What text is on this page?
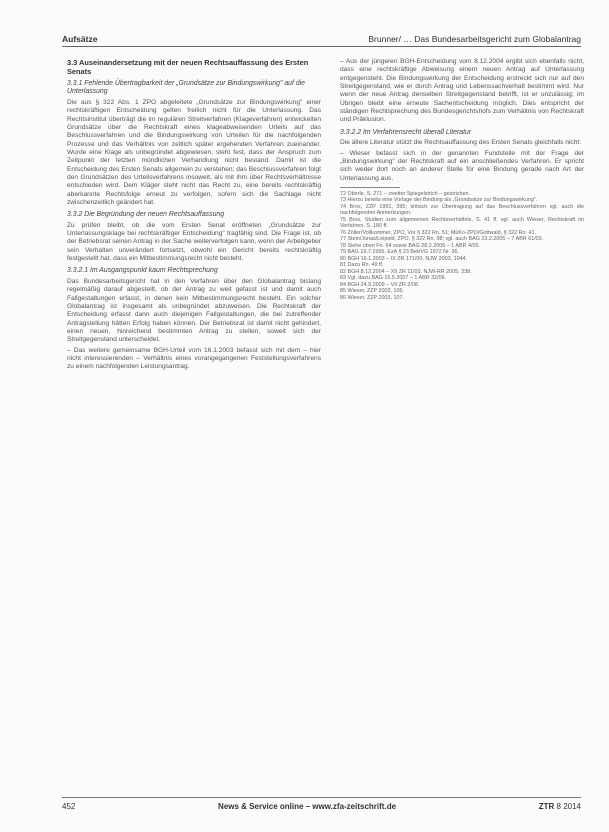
Aufsätze	Brunner/ … Das Bundesarbeitsgericht zum Globalantrag
3.3 Auseinandersetzung mit der neuen Rechtsauffassung des Ersten Senats
3.3.1 Fehlende Übertragbarkeit der „Grundsätze zur Bindungswirkung" auf die Unterlassung

Die aus § 322 Abs. 1 ZPO abgeleitete „Grundsätze zur Bindungswirkung" einer rechtskräftigen Entscheidung gelten freilich nicht für die Unterlassung. Das Rechtsinstitut überträgt die im regulären Streitverfahren (Klageverfahren) entwickelten Grundsätze über die Rechtskraft eines klageabweisenden Urteils auf das Beschlussverfahren und die Bindungswirkung von Urteilen für die nachfolgenden Prozesse und das Verhältnis von zeitlich später ergehenden Verfahren zueinander. Wurde eine Klage als unbegründet abgewiesen, steht fest, dass der Anspruch zum Zeitpunkt der letzten mündlichen Verhandlung nicht bestand. Damit ist die Entscheidung des Ersten Senats allgemein zu verstehen; das Beschlussverfahren folgt den Grundsätzen des Urteilsverfahrens insoweit, als mit ihm über Rechtsverhältnisse entschieden wird. Dem Kläger steht nicht das Recht zu, eine bereits rechtskräftig aberkannte Rechtsfolge erneut zu verfolgen, sofern sich die Sachlage nicht zwischenzeitlich geändert hat.

3.3.2 Die Begründung der neuen Rechtsauffassung

Zu prüfen bleibt, ob die vom Ersten Senat eröffneten „Grundsätze zur Unterlassungsklage bei rechtskräftiger Entscheidung" tragfähig sind. Die Frage ist, ob der Betriebsrat seinen Antrag in der Sache weiterverfolgen kann, wenn der Arbeitgeber sein Verhalten unverändert fortsetzt, obwohl ein Gericht bereits rechtskräftig festgestellt hat, dass ein Mitbestimmungsrecht nicht besteht.

3.3.2.1 Im Ausgangspunkt kaum Rechtsprechung

Das Bundesarbeitsgericht hat in den Verfahren über den Globalantrag bislang regelmäßig darauf abgestellt, ob der Antrag zu weit gefasst ist und damit auch Fallgestaltungen erfasst, in denen kein Mitbestimmungsrecht besteht. Ein solcher Globalantrag ist insgesamt als unbegründet abzuweisen. Die Rechtskraft der Entscheidung erfasst dann auch diejenigen Fallgestaltungen, die bei zutreffender Antragstellung hätten Erfolg haben können. Der Betriebsrat ist damit nicht gehindert, einen neuen, hinreichend bestimmten Antrag zu stellen, soweit sich der Streitgegenstand unterscheidet.

– Das weitere gemeinsame BGH-Urteil vom 16.1.2003 befasst sich mit dem – hier nicht interessierenden – Verhältnis eines vorangegangenen Feststellungsverfahrens zu einem nachfolgenden Leistungsantrag.

– Aus der jüngeren BGH-Entscheidung vom 8.12.2004 ergibt sich ebenfalls nicht, dass eine rechtskräftige Abweisung einem neuen Antrag auf Unterlassung entgegensteht. Die Bindungswirkung der Entscheidung erstreckt sich nur auf den Streitgegenstand, wie er durch Antrag und Lebenssachverhalt bestimmt wird. Nur wenn der neue Antrag denselben Streitgegenstand betrifft, ist er unzulässig; im Übrigen bleibt eine erneute Sachentscheidung möglich. Dies entspricht der ständigen Rechtsprechung des Bundesgerichtshofs zum Verhältnis von Rechtskraft und Präklusion.

3.3.2.2 Im Verfahrensrecht überall Literatur

Die ältere Literatur stützt die Rechtsauffassung des Ersten Senats gleichfalls nicht:

– Wieser befasst sich in der genannten Fundstelle mit der Frage der „Bindungswirkung" der Rechtskraft auf ein anschließendes Verfahren. Er spricht sich weder dort noch an anderer Stelle für eine Bindung gerade nach Art der Unterlassung aus.

72 Oberle, S. 271 – zweiter Spiegelstrich – gestrichen.

73 Hierzu bereits eine Vorlage der Bindung als „Grundsätze zur Bindungswirkung".

74 Brox, ZZP 1991, 395; kritisch zur Übertragung auf das Beschlussverfahren vgl. auch die nachfolgenden Anmerkungen.

75 Brox, Studien zum allgemeinen Rechtsverhältnis, S. 41 ff. vgl. auch Wieser, Rechtskraft im Verfahren, S. 180 ff.

76 Zöller/Vollkommer, ZPO, Vor § 322 Rn. 51; MüKo-ZPO/Gottwald, § 322 Rn. 41.

77 Stein/Jonas/Leipold, ZPO, § 322 Rn. 98; vgl. auch BAG 23.2.2005 – 7 ABR 61/03.

78 Siehe oben Fn. 64 sowie BAG 28.2.2006 – 1 ABR 4/05.

79 BAG 19.7.1995, EzA § 23 BetrVG 1972 Nr. 36.

80 BGH 16.1.2003 – IX ZR 171/00, NJW 2003, 1044.

81 Dazu Rn. 49 ff.

82 BGH 8.12.2004 – XII ZR 11/03, NJW-RR 2005, 338.

83 Vgl. dazu BAG 15.5.2007 – 1 ABR 32/06.

84 BGH 24.9.2009 – VII ZR 2/08.

85 Wieser, ZZP 2003, 105.

86 Wieser, ZZP 2003, 107.

452	News & Service online – www.zfa-zeitschrift.de	ZTR 8 2014
